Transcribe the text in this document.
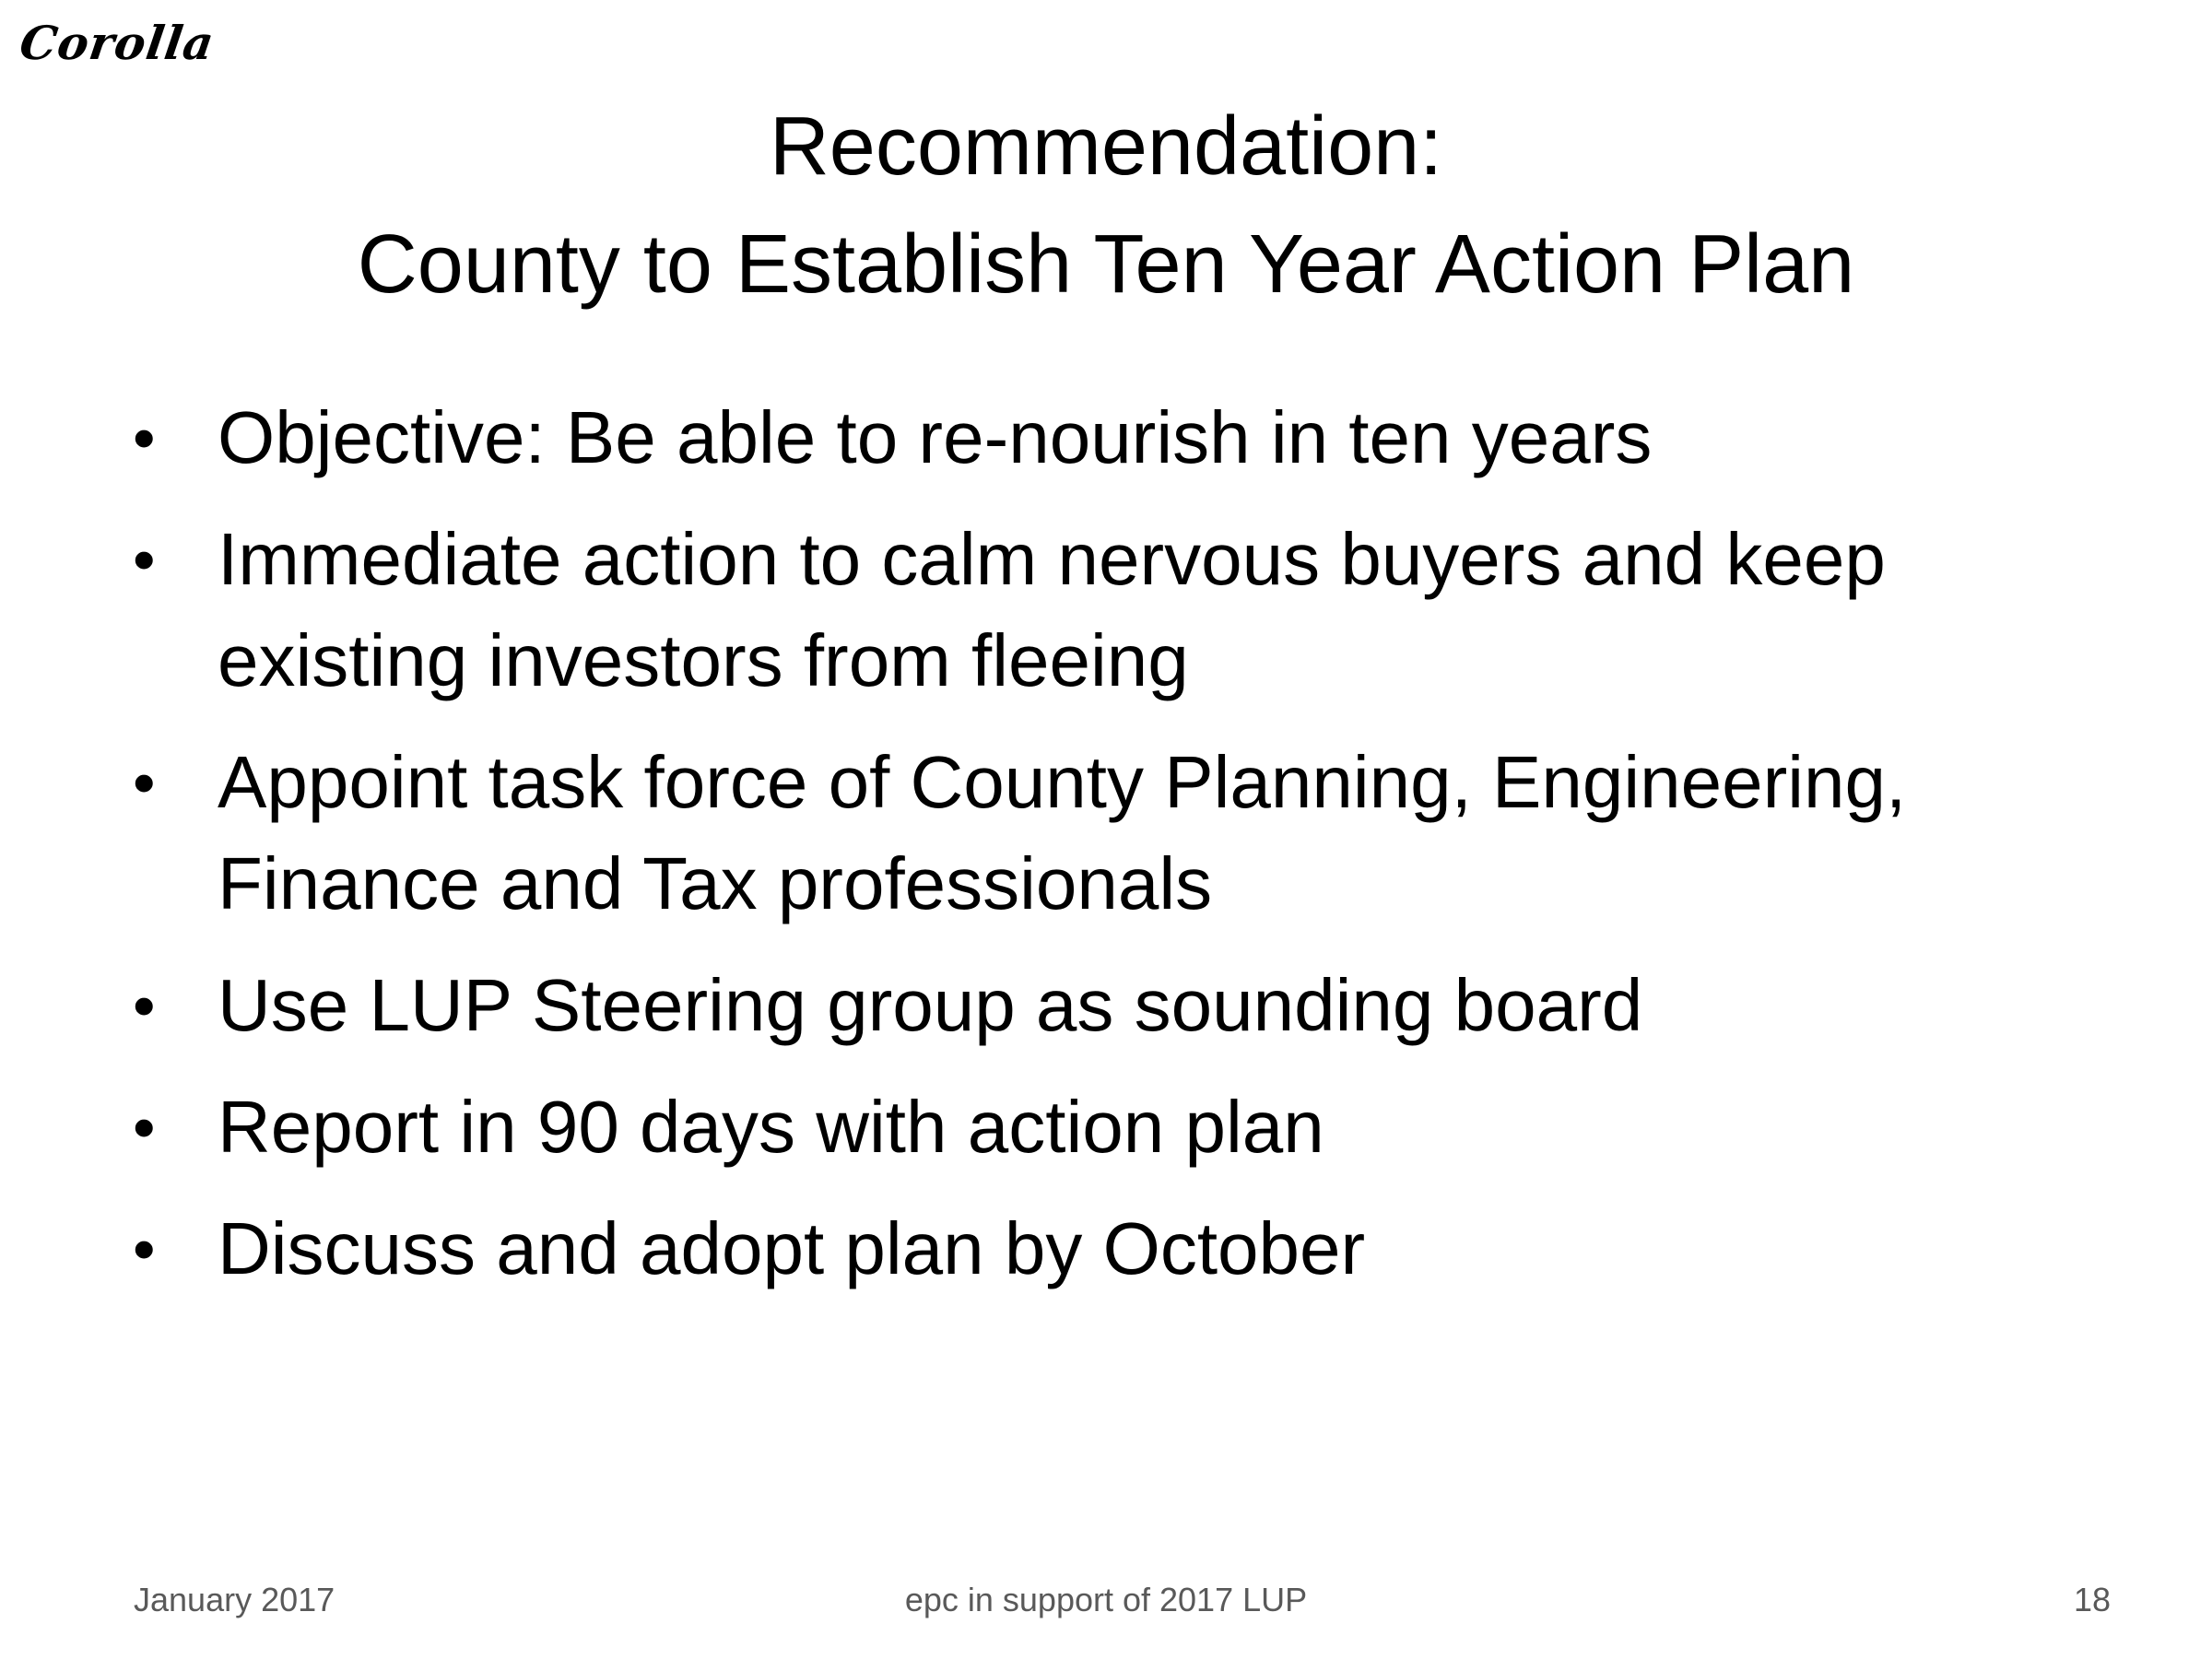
Corolla
Recommendation:
County to Establish Ten Year Action Plan
• Objective: Be able to re-nourish in ten years
• Immediate action to calm nervous buyers and keep existing investors from fleeing
• Appoint task force of County Planning, Engineering, Finance and Tax professionals
• Use LUP Steering group as sounding board
• Report in 90 days with action plan
• Discuss and adopt plan by October
January 2017	epc in support of 2017 LUP	18
